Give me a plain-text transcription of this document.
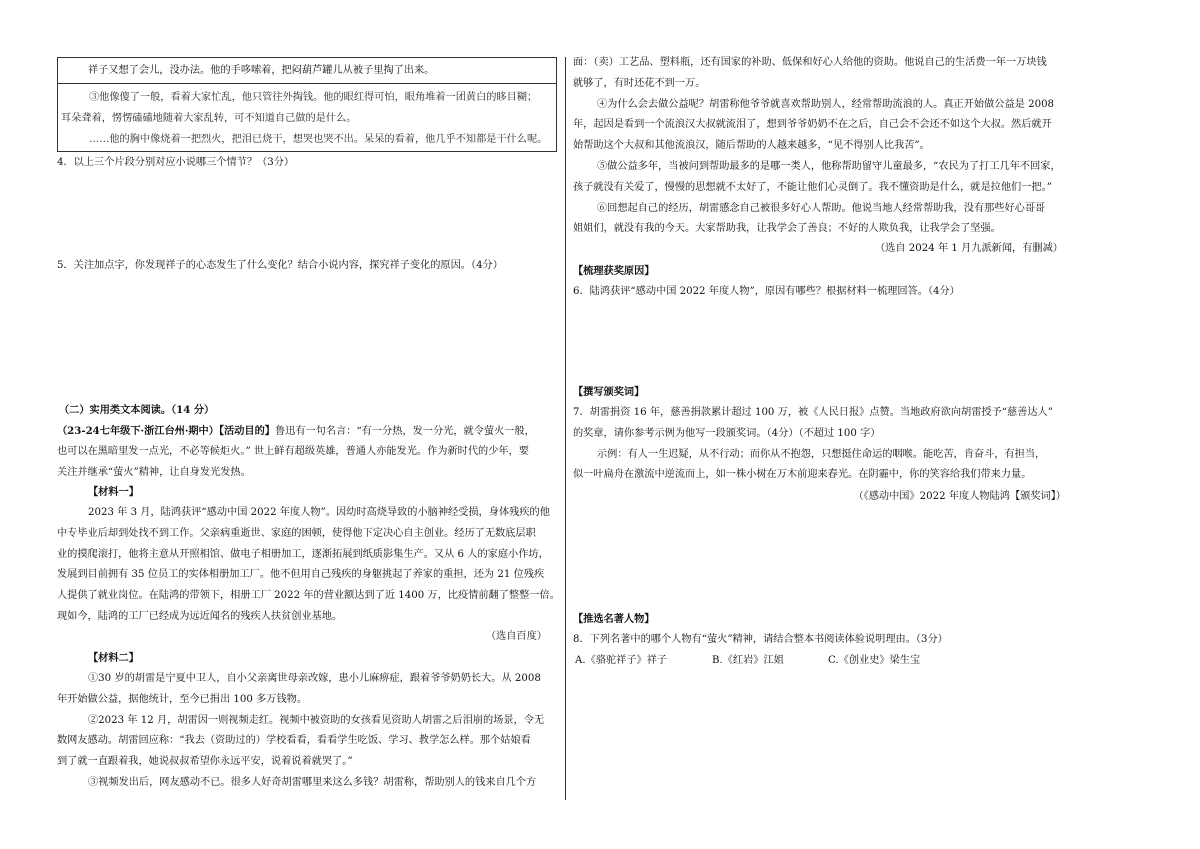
祥子又想了会儿，没办法。他的手哆嗦着，把闷葫芦罐儿从被子里掏了出来。
③他像傻了一般，看着大家忙乱，他只管往外掏钱。他的眼红得可怕，眼角堆着一团黄白的眵目糊；
耳朵聋着，愣愣磕磕地随着大家乱转，可不知道自己做的是什么。
……他的胸中像烧着一把烈火，把泪已烧干，想哭也哭不出。呆呆的看着，他几乎不知都是干什么呢。
4．以上三个片段分别对应小说哪三个情节？（3分）
5．关注加点字，你发现祥子的心态发生了什么变化？结合小说内容，探究祥子变化的原因。（4分）
（二）实用类文本阅读。（14 分）
（23-24七年级下·浙江台州·期中）【活动目的】鲁迅有一句名言：“有一分热，发一分光，就令萤火一般，
也可以在黑暗里发一点光，不必等候炬火。” 世上鲜有超级英雄，普通人亦能发光。作为新时代的少年，要
关注并继承“萤火”精神，让自身发光发热。
【材料一】
2023 年 3 月，陆鸿获评“感动中国 2022 年度人物”。因幼时高烧导致的小脑神经受损，身体残疾的他
中专毕业后却到处找不到工作。父亲病重逝世、家庭的困顿，使得他下定决心自主创业。经历了无数底层职
业的摸爬滚打，他将主意从开照相馆、做电子相册加工，逐渐拓展到纸质影集生产。又从 6 人的家庭小作坊，
发展到目前拥有 35 位员工的实体相册加工厂。他不但用自己残疾的身躯挑起了养家的重担，还为 21 位残疾
人提供了就业岗位。在陆鸿的带领下，相册工厂 2022 年的营业额达到了近 1400 万，比疫情前翻了整整一倍。
现如今，陆鸿的工厂已经成为远近闻名的残疾人扶贫创业基地。
（选自百度）
【材料二】
①30 岁的胡雷是宁夏中卫人，自小父亲离世母亲改嫁，患小儿麻痹症，跟着爷爷奶奶长大。从 2008
年开始做公益，据他统计，至今已捐出 100 多万钱物。
②2023 年 12 月，胡雷因一则视频走红。视频中被资助的女孩看见资助人胡雷之后泪崩的场景，令无
数网友感动。胡雷回应称：“我去（资助过的）学校看看，看看学生吃饭、学习、教学怎么样。那个姑娘看
到了就一直跟着我，她说叔叔希望你永远平安，说着说着就哭了。”
③视频发出后，网友感动不已。很多人好奇胡雷哪里来这么多钱？胡雷称，帮助别人的钱来自几个方
面：（卖）工艺品、塑料瓶，还有国家的补助、低保和好心人给他的资助。他说自己的生活费一年一万块钱
就够了，有时还花不到一万。
④为什么会去做公益呢？胡雷称他爷爷就喜欢帮助别人，经常帮助流浪的人。真正开始做公益是 2008
年，起因是看到一个流浪汉大叔就流泪了，想到爷爷奶奶不在之后，自己会不会还不如这个大叔。然后就开
始帮助这个大叔和其他流浪汉，随后帮助的人越来越多，“见不得别人比我苦”。
⑤做公益多年，当被问到帮助最多的是哪一类人，他称帮助留守儿童最多，“农民为了打工几年不回家，
孩子就没有关爱了，慢慢的思想就不太好了，不能让他们心灵倒了。我不懂资助是什么，就是拉他们一把。”
⑥回想起自己的经历，胡雷感念自己被很多好心人帮助。他说当地人经常帮助我，没有那些好心哥哥
姐姐们，就没有我的今天。大家帮助我，让我学会了善良；不好的人欺负我，让我学会了坚强。
（选自 2024 年 1 月九派新闻，有删减）
【梳理获奖原因】
6．陆鸿获评“感动中国 2022 年度人物”，原因有哪些？根据材料一梳理回答。（4分）
【撰写颁奖词】
7．胡雷捐资 16 年，慈善捐款累计超过 100 万，被《人民日报》点赞。当地政府欲向胡雷授予“慈善达人”
的奖章，请你参考示例为他写一段颁奖词。（4分）（不超过 100 字）
示例：有人一生迟疑，从不行动；而你从不抱怨，只想挺住命运的咽喉。能吃苦，肯奋斗，有担当，
似一叶扁舟在激流中逆流而上，如一株小树在万木前迎来春光。在阴霾中，你的笑容给我们带来力量。
（《感动中国》2022 年度人物陆鸿【颁奖词】）
【推选名著人物】
8．下列名著中的哪个人物有“萤火”精神，请结合整本书阅读体验说明理由。（3分）

A.《骆驼祥子》祥子

	B.《红岩》江姐

	C.《创业史》梁生宝
